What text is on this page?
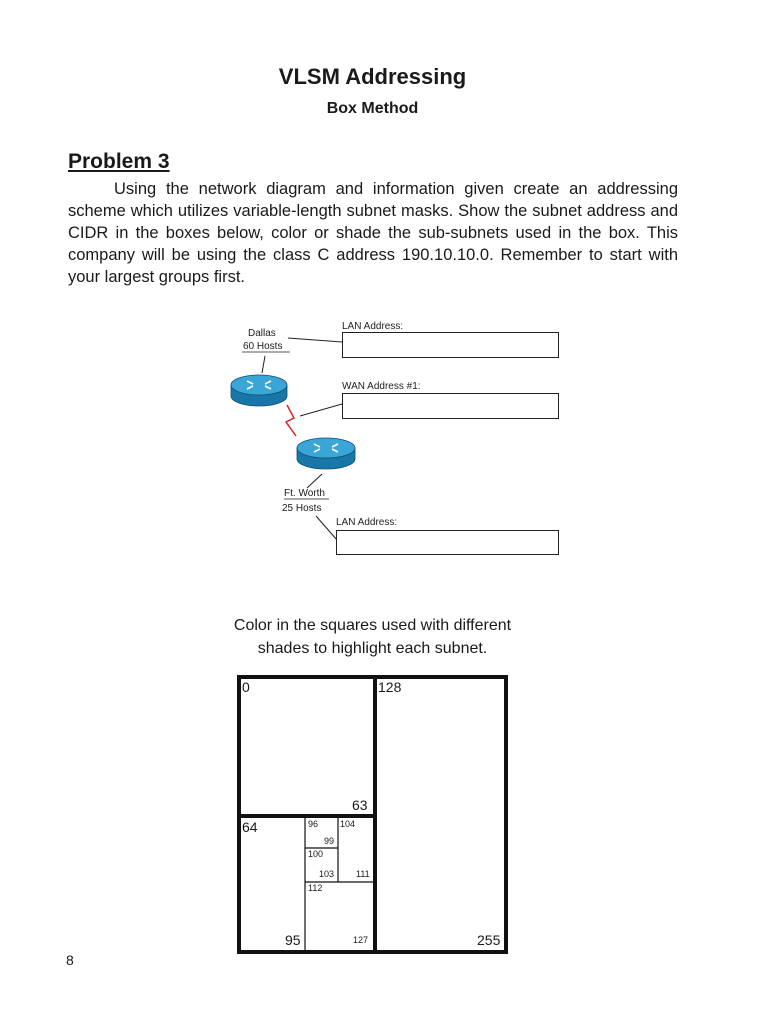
VLSM Addressing
Box Method
Problem 3
Using the network diagram and information given create an addressing scheme which utilizes variable-length subnet masks. Show the subnet address and CIDR in the boxes below, color or shade the sub-subnets used in the box. This company will be using the class C address 190.10.10.0. Remember to start with your largest groups first.
Dallas
60 Hosts
Ft. Worth
25 Hosts
LAN Address:
WAN Address #1:
LAN Address:
Color in the squares used with different
shades to highlight each subnet.
0
63
128
255
64
95
96
99
100
103
104
111
112
127
8
